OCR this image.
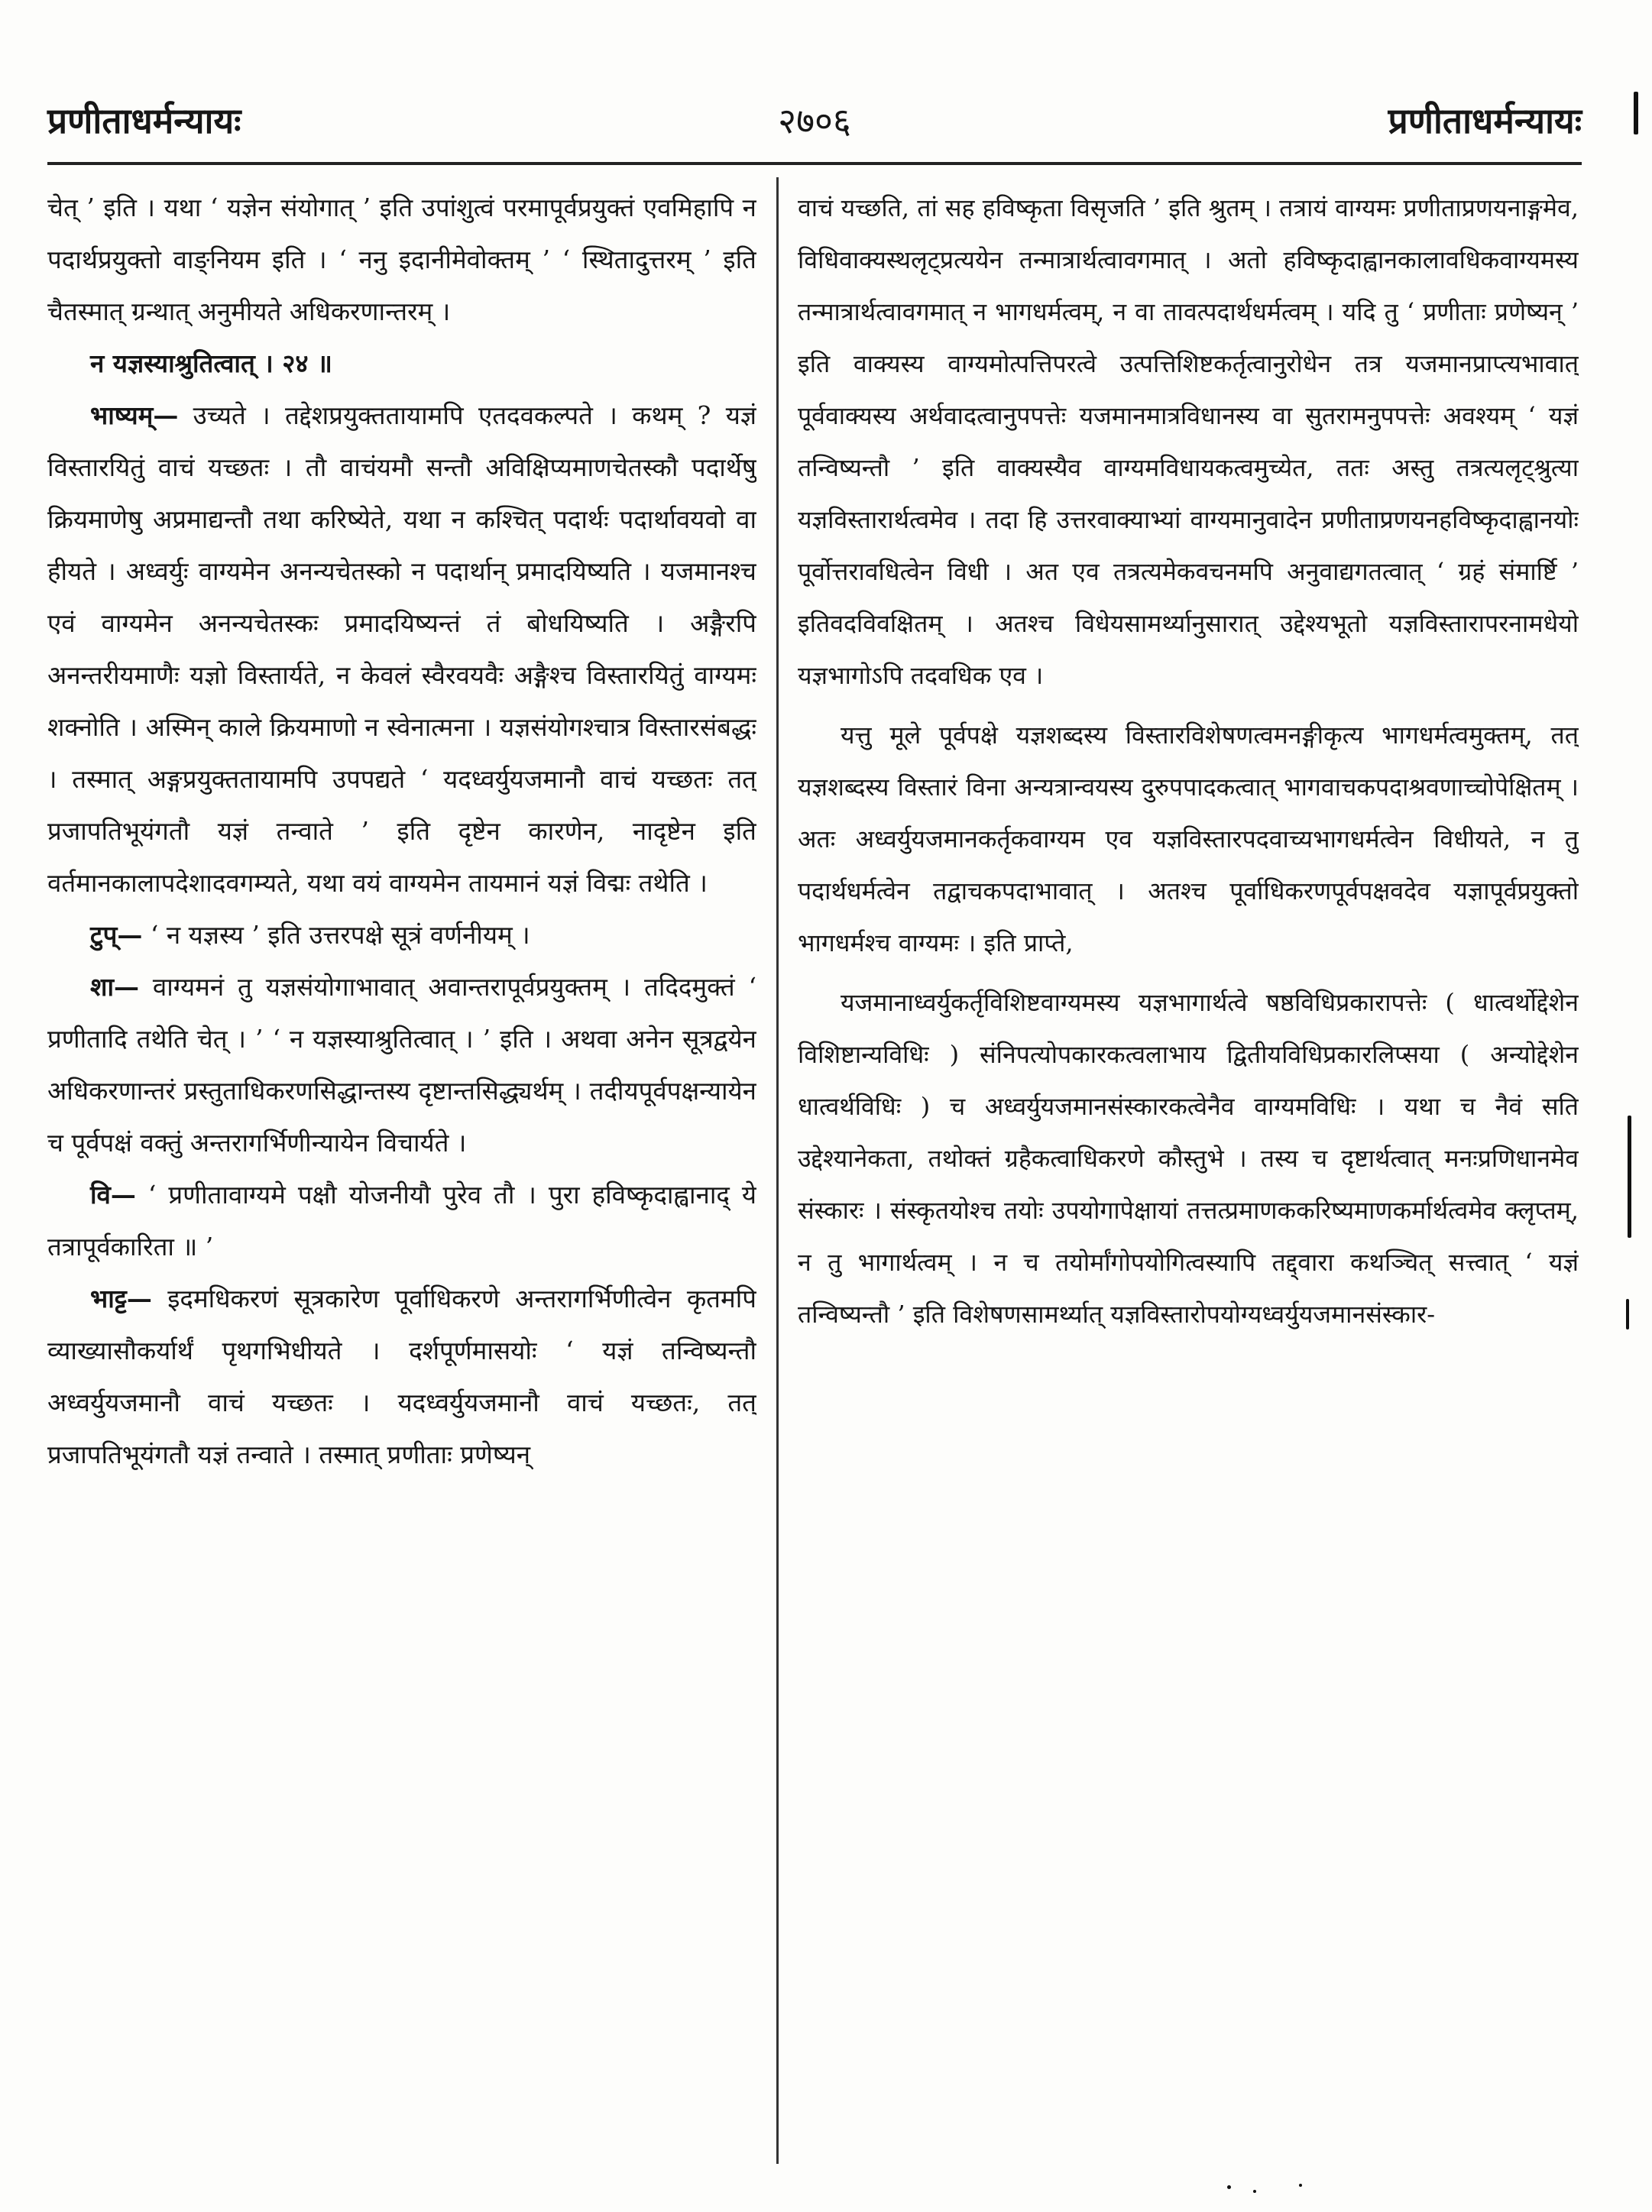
२७०६
प्रणीताधर्मन्यायः	प्रणीताधर्मन्यायः

चेत् ’ इति । यथा ‘ यज्ञेन संयोगात् ’ इति उपांशुत्वं परमापूर्वप्रयुक्तं एवमिहापि न पदार्थप्रयुक्तो वाङ्नियम इति । ‘ ननु इदानीमेवोक्तम् ’ ‘ स्थितादुत्तरम् ’ इति चैतस्मात् ग्रन्थात् अनुमीयते अधिकरणान्तरम् ।

न यज्ञस्याश्रुतित्वात् । २४ ॥

भाष्यम्— उच्यते । तद्देशप्रयुक्ततायामपि एतदवकल्पते । कथम् ? यज्ञं विस्तारयितुं वाचं यच्छतः । तौ वाचंयमौ सन्तौ अविक्षिप्यमाणचेतस्कौ पदार्थेषु क्रियमाणेषु अप्रमाद्यन्तौ तथा करिष्येते, यथा न कश्चित् पदार्थः पदार्थावयवो वा हीयते । अध्वर्युः वाग्यमेन अनन्यचेतस्को न पदार्थान् प्रमादयिष्यति । यजमानश्च एवं वाग्यमेन अनन्यचेतस्कः प्रमादयिष्यन्तं तं बोधयिष्यति । अङ्गैरपि अनन्तरीयमाणैः यज्ञो विस्तार्यते, न केवलं स्वैरवयवैः अङ्गैश्च विस्तारयितुं वाग्यमः शक्नोति । अस्मिन् काले क्रियमाणो न स्वेनात्मना । यज्ञसंयोगश्चात्र विस्तारसंबद्धः । तस्मात् अङ्गप्रयुक्ततायामपि उपपद्यते ‘ यदध्वर्युयजमानौ वाचं यच्छतः तत् प्रजापतिभूयंगतौ यज्ञं तन्वाते ’ इति दृष्टेन कारणेन, नादृष्टेन इति वर्तमानकालापदेशादवगम्यते, यथा वयं वाग्यमेन तायमानं यज्ञं विद्मः तथेति ।

टुप्— ‘ न यज्ञस्य ’ इति उत्तरपक्षे सूत्रं वर्णनीयम् ।

शा— वाग्यमनं तु यज्ञसंयोगाभावात् अवान्तरापूर्वप्रयुक्तम् । तदिदमुक्तं ‘ प्रणीतादि तथेति चेत् । ’ ‘ न यज्ञस्याश्रुतित्वात् । ’ इति । अथवा अनेन सूत्रद्वयेन अधिकरणान्तरं प्रस्तुताधिकरणसिद्धान्तस्य दृष्टान्तसिद्ध्यर्थम् । तदीयपूर्वपक्षन्यायेन च पूर्वपक्षं वक्तुं अन्तरागर्भिणीन्यायेन विचार्यते ।

वि— ‘ प्रणीतावाग्यमे पक्षौ योजनीयौ पुरेव तौ । पुरा हविष्कृदाह्वानाद् ये तत्रापूर्वकारिता ॥ ’

भाट्ट— इदमधिकरणं सूत्रकारेण पूर्वाधिकरणे अन्तरागर्भिणीत्वेन कृतमपि व्याख्यासौकर्यार्थं पृथगभिधीयते । दर्शपूर्णमासयोः ‘ यज्ञं तन्विष्यन्तौ अध्वर्युयजमानौ वाचं यच्छतः । यदध्वर्युयजमानौ वाचं यच्छतः, तत् प्रजापतिभूयंगतौ यज्ञं तन्वाते । तस्मात् प्रणीताः प्रणेष्यन्

वाचं यच्छति, तां सह हविष्कृता विसृजति ’ इति श्रुतम् । तत्रायं वाग्यमः प्रणीताप्रणयनाङ्गमेव, विधिवाक्यस्थलृट्प्रत्ययेन तन्मात्रार्थत्वावगमात् । अतो हविष्कृदाह्वानकालावधिकवाग्यमस्य तन्मात्रार्थत्वावगमात् न भागधर्मत्वम्, न वा तावत्पदार्थधर्मत्वम् । यदि तु ‘ प्रणीताः प्रणेष्यन् ’ इति वाक्यस्य वाग्यमोत्पत्तिपरत्वे उत्पत्तिशिष्टकर्तृत्वानुरोधेन तत्र यजमानप्राप्त्यभावात् पूर्ववाक्यस्य अर्थवादत्वानुपपत्तेः यजमानमात्रविधानस्य वा सुतरामनुपपत्तेः अवश्यम् ‘ यज्ञं तन्विष्यन्तौ ’ इति वाक्यस्यैव वाग्यमविधायकत्वमुच्येत, ततः अस्तु तत्रत्यलृट्श्रुत्या यज्ञविस्तारार्थत्वमेव । तदा हि उत्तरवाक्याभ्यां वाग्यमानुवादेन प्रणीताप्रणयनहविष्कृदाह्वानयोः पूर्वोत्तरावधित्वेन विधी । अत एव तत्रत्यमेकवचनमपि अनुवाद्यगतत्वात् ‘ ग्रहं संमार्ष्टि ’ इतिवदविवक्षितम् । अतश्च विधेयसामर्थ्यानुसारात् उद्देश्यभूतो यज्ञविस्तारापरनामधेयो यज्ञभागोऽपि तदवधिक एव ।

यत्तु मूले पूर्वपक्षे यज्ञशब्दस्य विस्तारविशेषणत्वमनङ्गीकृत्य भागधर्मत्वमुक्तम्, तत् यज्ञशब्दस्य विस्तारं विना अन्यत्रान्वयस्य दुरुपपादकत्वात् भागवाचकपदाश्रवणाच्चोपेक्षितम् । अतः अध्वर्युयजमानकर्तृकवाग्यम एव यज्ञविस्तारपदवाच्यभागधर्मत्वेन विधीयते, न तु पदार्थधर्मत्वेन तद्वाचकपदाभावात् । अतश्च पूर्वाधिकरणपूर्वपक्षवदेव यज्ञापूर्वप्रयुक्तो भागधर्मश्च वाग्यमः । इति प्राप्ते,

यजमानाध्वर्युकर्तृविशिष्टवाग्यमस्य यज्ञभागार्थत्वे षष्ठविधिप्रकारापत्तेः ( धात्वर्थोद्देशेन विशिष्टान्यविधिः ) संनिपत्योपकारकत्वलाभाय द्वितीयविधिप्रकारलिप्सया ( अन्योद्देशेन धात्वर्थविधिः ) च अध्वर्युयजमानसंस्कारकत्वेनैव वाग्यमविधिः । यथा च नैवं सति उद्देश्यानेकता, तथोक्तं ग्रहैकत्वाधिकरणे कौस्तुभे । तस्य च दृष्टार्थत्वात् मनःप्रणिधानमेव संस्कारः । संस्कृतयोश्च तयोः उपयोगापेक्षायां तत्तत्प्रमाणककरिष्यमाणकर्मार्थत्वमेव क्लृप्तम्, न तु भागार्थत्वम् । न च तयोर्मांगोपयोगित्वस्यापि तद्द्वारा कथञ्चित् सत्त्वात् ‘ यज्ञं तन्विष्यन्तौ ’ इति विशेषणसामर्थ्यात् यज्ञविस्तारोपयोग्यध्वर्युयजमानसंस्कार-
